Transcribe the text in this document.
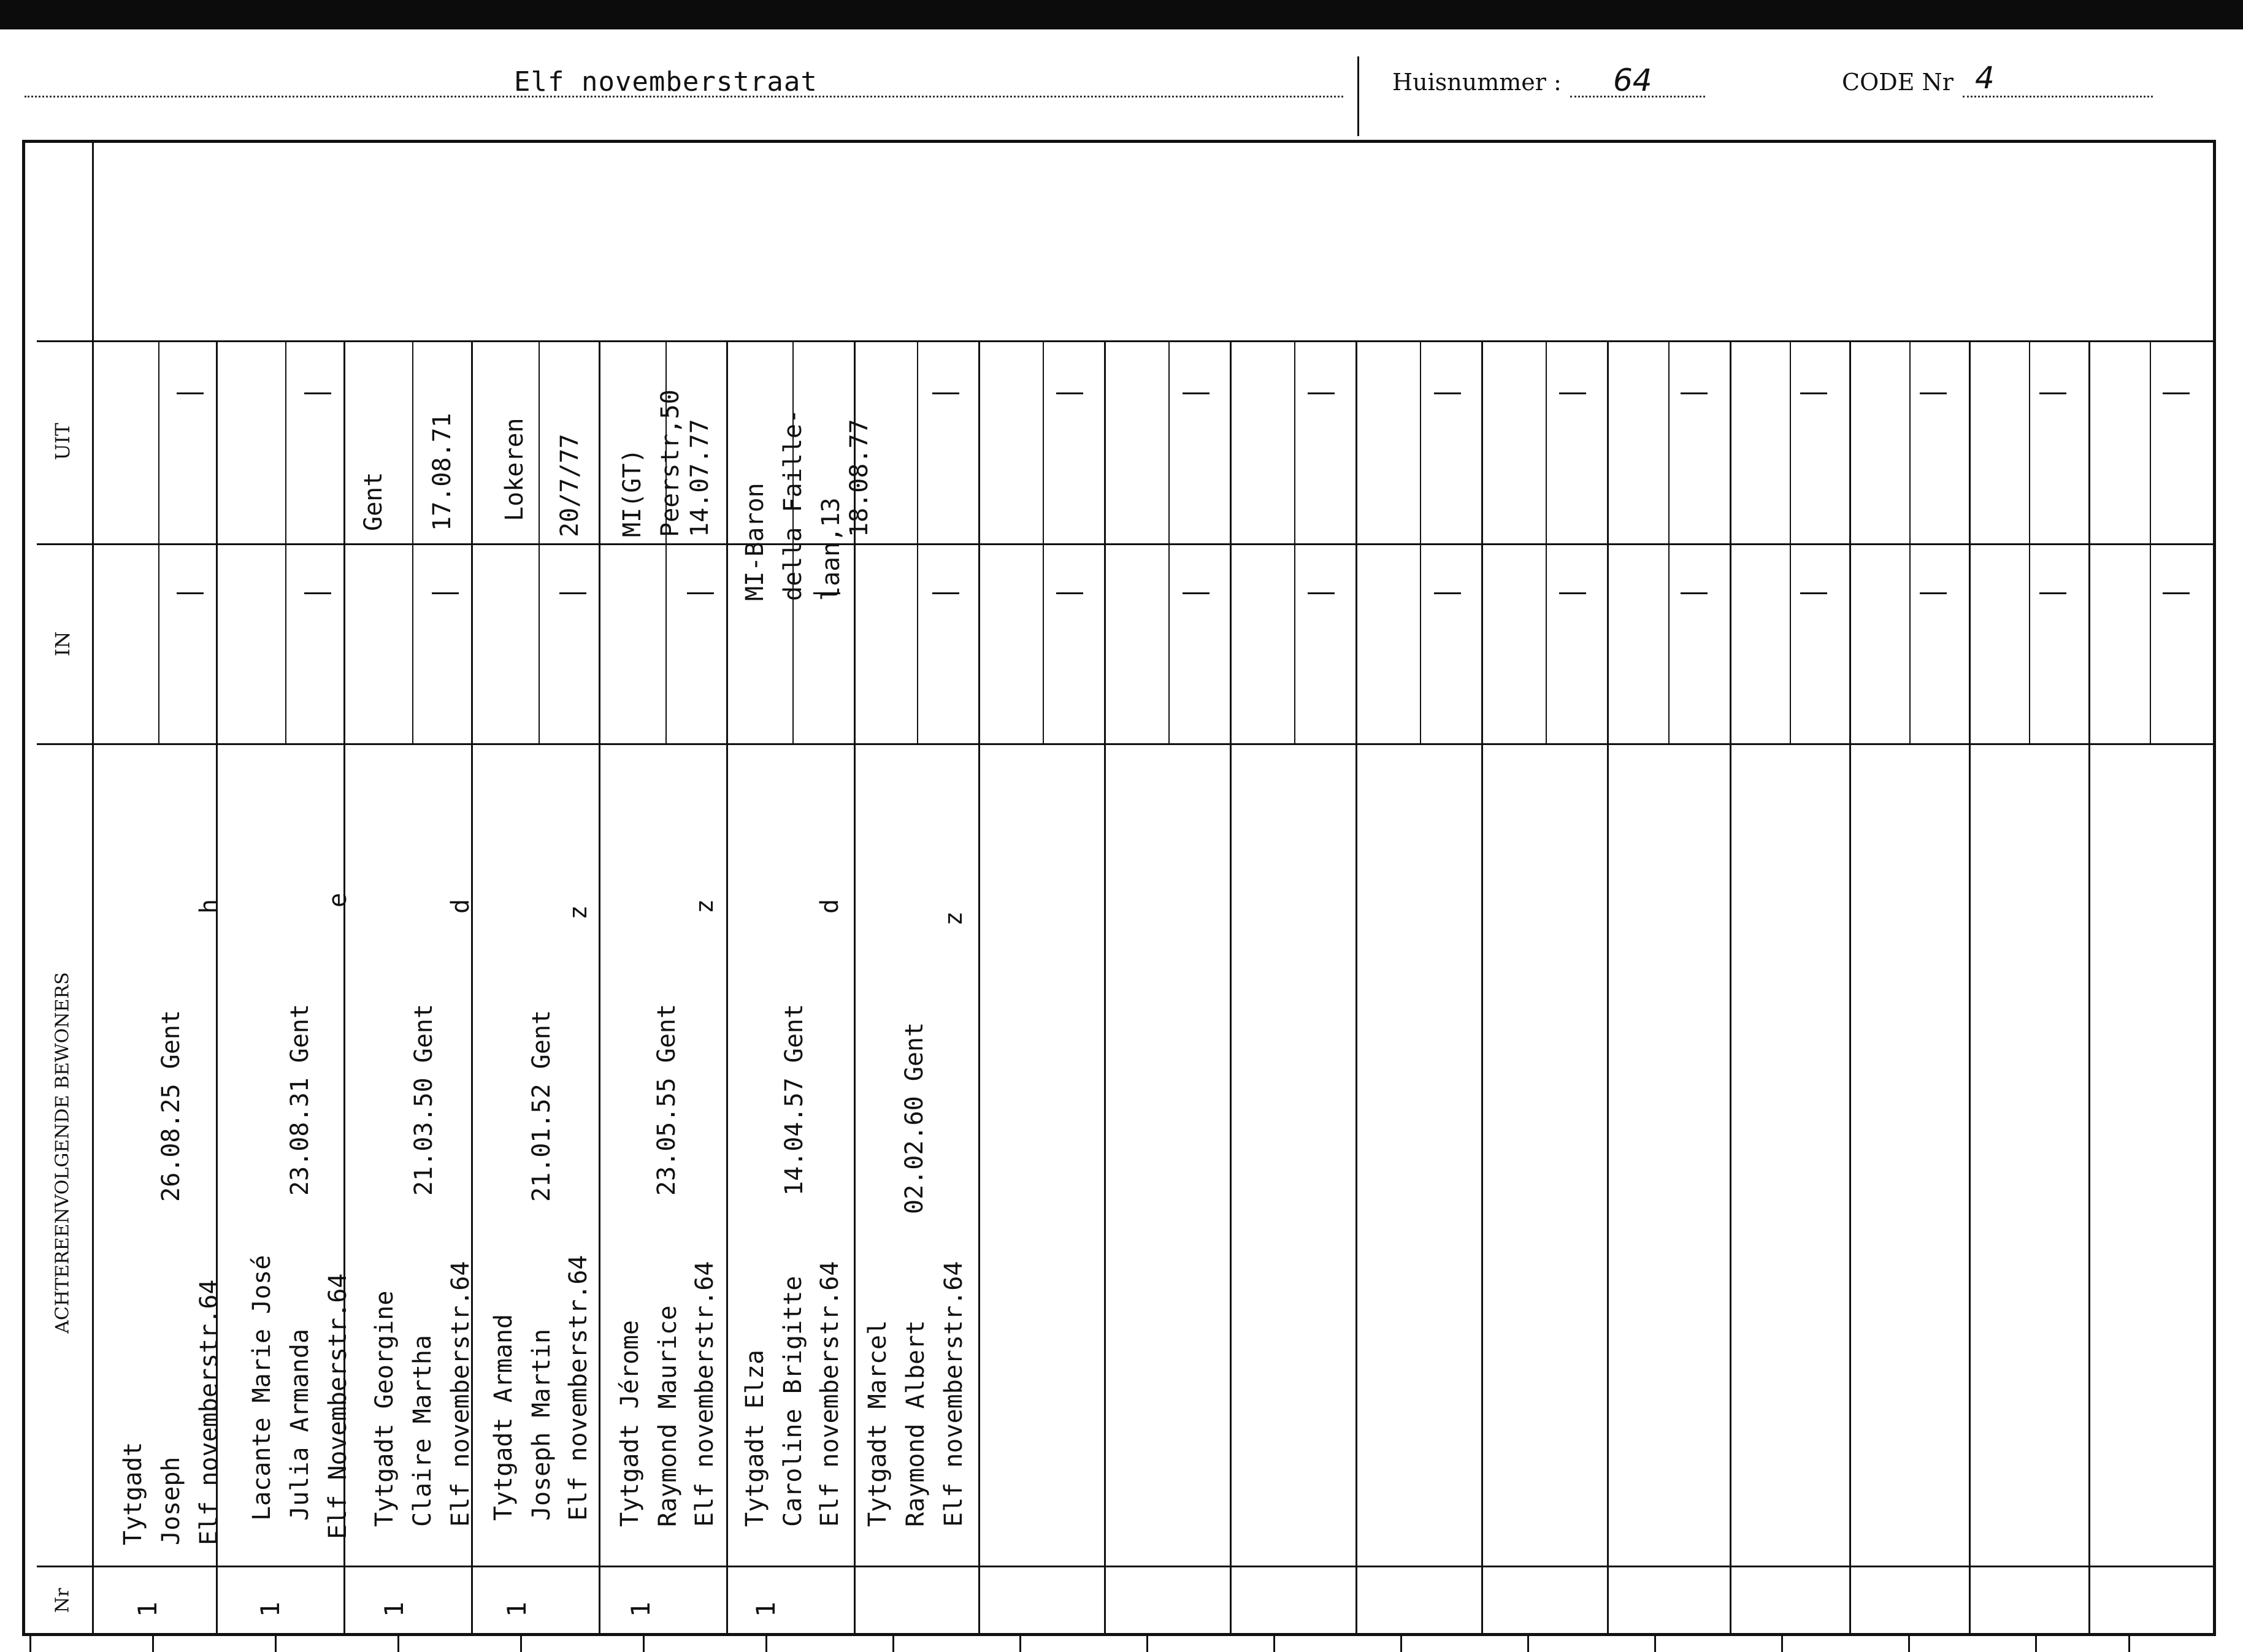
Elf novemberstraat	Huisnummer : 64	CODE Nr 4
UIT
IN
ACHTEREENVOLGENDE BEWONERS
Nr
Tytgadt
Joseph Elf novemberstr.64
26.08.25 Gent
h
1
Lacante Marie José
Julia Armanda Elf Novemberstr.64
23.08.31 Gent
e
1
Tytgadt Georgine
Claire Martha Elf novemberstr.64
21.03.50 Gent
d
1
Gent 17.08.71
Tytgadt Armand
Joseph Martin Elf novemberstr.64
21.01.52 Gent
z
1
Lokeren 20/7/77
Tytgadt Jérome
Raymond Maurice Elf novemberstr.64
23.05.55 Gent
z
1
MI(GT)
Peerstr,50 14.07.77
Tytgadt Elza
Caroline Brigitte Elf novemberstr.64
14.04.57 Gent
d
1
MI-Baron
della Faille-
laan,13
18.08.77
Tytgadt Marcel
Raymond Albert Elf novemberstr.64
02.02.60 Gent
z
